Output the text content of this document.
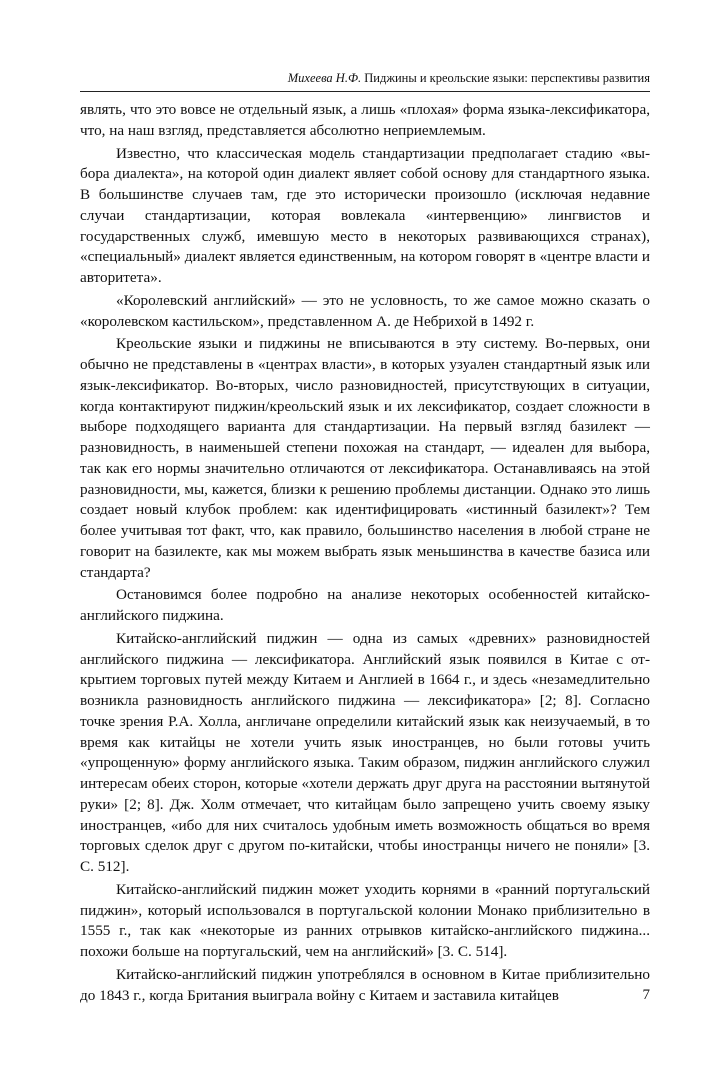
Михеева Н.Ф. Пиджины и креольские языки: перспективы развития

являть, что это вовсе не отдельный язык, а лишь «плохая» форма языка-лексификатора, что, на наш взгляд, представляется абсолютно неприемлемым.

Известно, что классическая модель стандартизации предполагает стадию «выбора диалекта», на которой один диалект являет собой основу для стандартного языка. В большинстве случаев там, где это исторически произошло (исключая недавние случаи стандартизации, которая вовлекала «интервенцию» лингвистов и государственных служб, имевшую место в некоторых развивающихся странах), «специальный» диалект является единственным, на котором говорят в «центре власти и авторитета».

«Королевский английский» — это не условность, то же самое можно сказать о «королевском кастильском», представленном А. де Небрихой в 1492 г.

Креольские языки и пиджины не вписываются в эту систему. Во-первых, они обычно не представлены в «центрах власти», в которых узуален стандартный язык или язык-лексификатор. Во-вторых, число разновидностей, присутствующих в ситуации, когда контактируют пиджин/креольский язык и их лексификатор, создает сложности в выборе подходящего варианта для стандартизации. На первый взгляд базилект — разновидность, в наименьшей степени похожая на стандарт, — идеален для выбора, так как его нормы значительно отличаются от лексификатора. Останавливаясь на этой разновидности, мы, кажется, близки к решению проблемы дистанции. Однако это лишь создает новый клубок проблем: как идентифицировать «истинный базилект»? Тем более учитывая тот факт, что, как правило, большинство населения в любой стране не говорит на базилекте, как мы можем выбрать язык меньшинства в качестве базиса или стандарта?

Остановимся более подробно на анализе некоторых особенностей китайско-английского пиджина.

Китайско-английский пиджин — одна из самых «древних» разновидностей английского пиджина — лексификатора. Английский язык появился в Китае с открытием торговых путей между Китаем и Англией в 1664 г., и здесь «незамедлительно возникла разновидность английского пиджина — лексификатора» [2; 8]. Согласно точке зрения Р.А. Холла, англичане определили китайский язык как неизучаемый, в то время как китайцы не хотели учить язык иностранцев, но были готовы учить «упрощенную» форму английского языка. Таким образом, пиджин английского служил интересам обеих сторон, которые «хотели держать друг друга на расстоянии вытянутой руки» [2; 8]. Дж. Холм отмечает, что китайцам было запрещено учить своему языку иностранцев, «ибо для них считалось удобным иметь возможность общаться во время торговых сделок друг с другом по-китайски, чтобы иностранцы ничего не поняли» [3. С. 512].

Китайско-английский пиджин может уходить корнями в «ранний португальский пиджин», который использовался в португальской колонии Монако приблизительно в 1555 г., так как «некоторые из ранних отрывков китайско-английского пиджина... похожи больше на португальский, чем на английский» [3. С. 514].

Китайско-английский пиджин употреблялся в основном в Китае приблизительно до 1843 г., когда Британия выиграла войну с Китаем и заставила китайцев	7
